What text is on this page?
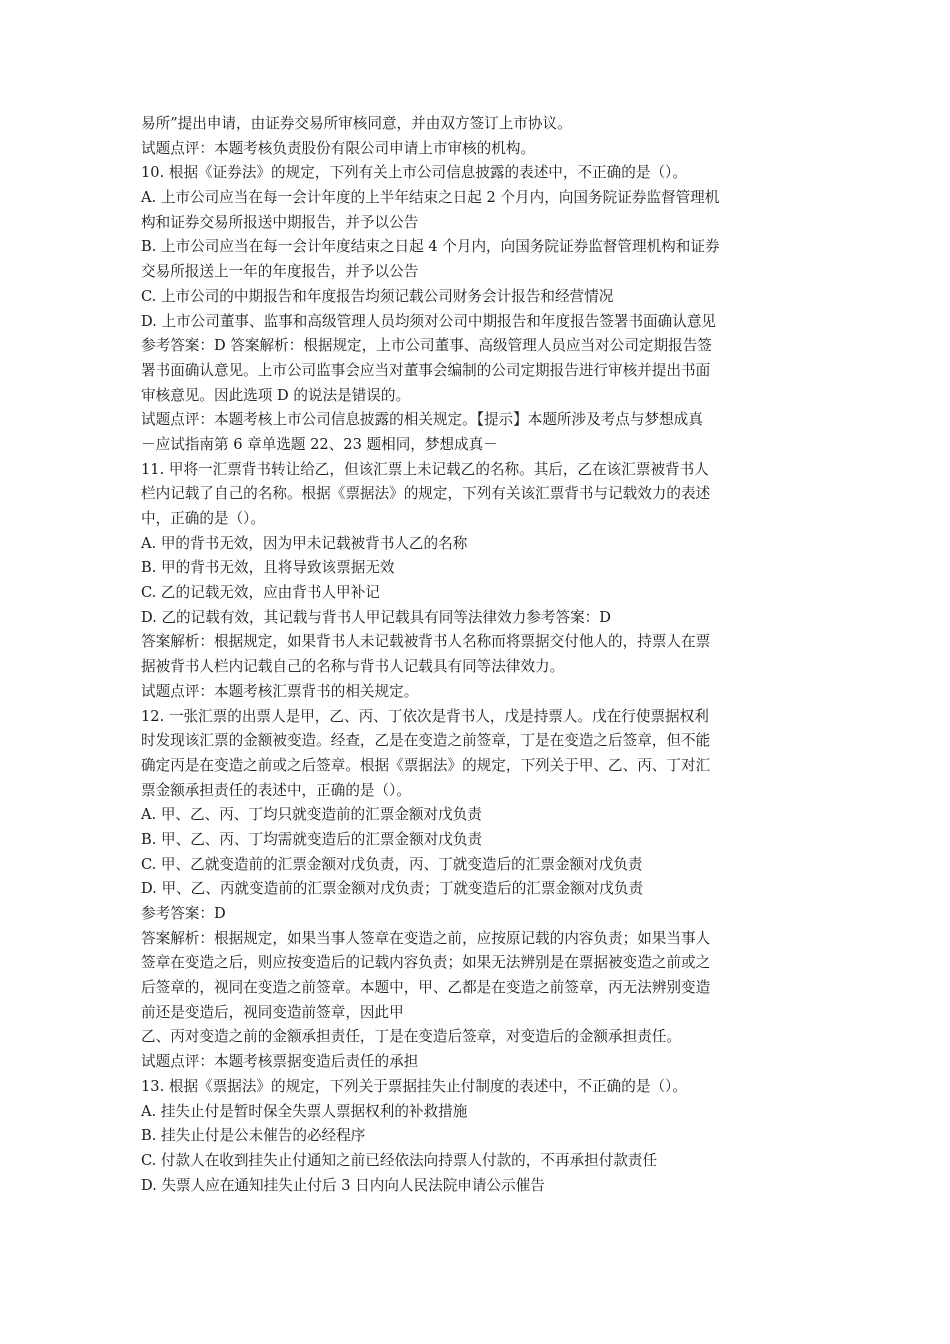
易所”提出申请，由证券交易所审核同意，并由双方签订上市协议。
试题点评：本题考核负责股份有限公司申请上市审核的机构。
10. 根据《证券法》的规定，下列有关上市公司信息披露的表述中，不正确的是（）。
A. 上市公司应当在每一会计年度的上半年结束之日起 2 个月内，向国务院证券监督管理机
构和证券交易所报送中期报告，并予以公告
B. 上市公司应当在每一会计年度结束之日起 4 个月内，向国务院证券监督管理机构和证券
交易所报送上一年的年度报告，并予以公告
C. 上市公司的中期报告和年度报告均须记载公司财务会计报告和经营情况
D. 上市公司董事、监事和高级管理人员均须对公司中期报告和年度报告签署书面确认意见
参考答案：D 答案解析：根据规定，上市公司董事、高级管理人员应当对公司定期报告签
署书面确认意见。上市公司监事会应当对董事会编制的公司定期报告进行审核并提出书面
审核意见。因此选项 D 的说法是错误的。
试题点评：本题考核上市公司信息披露的相关规定。【提示】本题所涉及考点与梦想成真
－应试指南第 6 章单选题 22、23 题相同，梦想成真－
11. 甲将一汇票背书转让给乙，但该汇票上未记载乙的名称。其后，乙在该汇票被背书人
栏内记载了自己的名称。根据《票据法》的规定，下列有关该汇票背书与记载效力的表述
中，正确的是（）。
A. 甲的背书无效，因为甲未记载被背书人乙的名称
B. 甲的背书无效，且将导致该票据无效
C. 乙的记载无效，应由背书人甲补记
D. 乙的记载有效，其记载与背书人甲记载具有同等法律效力参考答案：D
答案解析：根据规定，如果背书人未记载被背书人名称而将票据交付他人的，持票人在票
据被背书人栏内记载自己的名称与背书人记载具有同等法律效力。
试题点评：本题考核汇票背书的相关规定。
12. 一张汇票的出票人是甲，乙、丙、丁依次是背书人，戊是持票人。戊在行使票据权利
时发现该汇票的金额被变造。经查，乙是在变造之前签章，丁是在变造之后签章，但不能
确定丙是在变造之前或之后签章。根据《票据法》的规定，下列关于甲、乙、丙、丁对汇
票金额承担责任的表述中，正确的是（）。
A. 甲、乙、丙、丁均只就变造前的汇票金额对戊负责
B. 甲、乙、丙、丁均需就变造后的汇票金额对戊负责
C. 甲、乙就变造前的汇票金额对戊负责，丙、丁就变造后的汇票金额对戊负责
D. 甲、乙、丙就变造前的汇票金额对戊负责；丁就变造后的汇票金额对戊负责
参考答案：D
答案解析：根据规定，如果当事人签章在变造之前，应按原记载的内容负责；如果当事人
签章在变造之后，则应按变造后的记载内容负责；如果无法辨别是在票据被变造之前或之
后签章的，视同在变造之前签章。本题中，甲、乙都是在变造之前签章，丙无法辨别变造
前还是变造后，视同变造前签章，因此甲
乙、丙对变造之前的金额承担责任，丁是在变造后签章，对变造后的金额承担责任。
试题点评：本题考核票据变造后责任的承担
13. 根据《票据法》的规定，下列关于票据挂失止付制度的表述中，不正确的是（）。
A. 挂失止付是暂时保全失票人票据权利的补救措施
B. 挂失止付是公未催告的必经程序
C. 付款人在收到挂失止付通知之前已经依法向持票人付款的，不再承担付款责任
D. 失票人应在通知挂失止付后 3 日内向人民法院申请公示催告
